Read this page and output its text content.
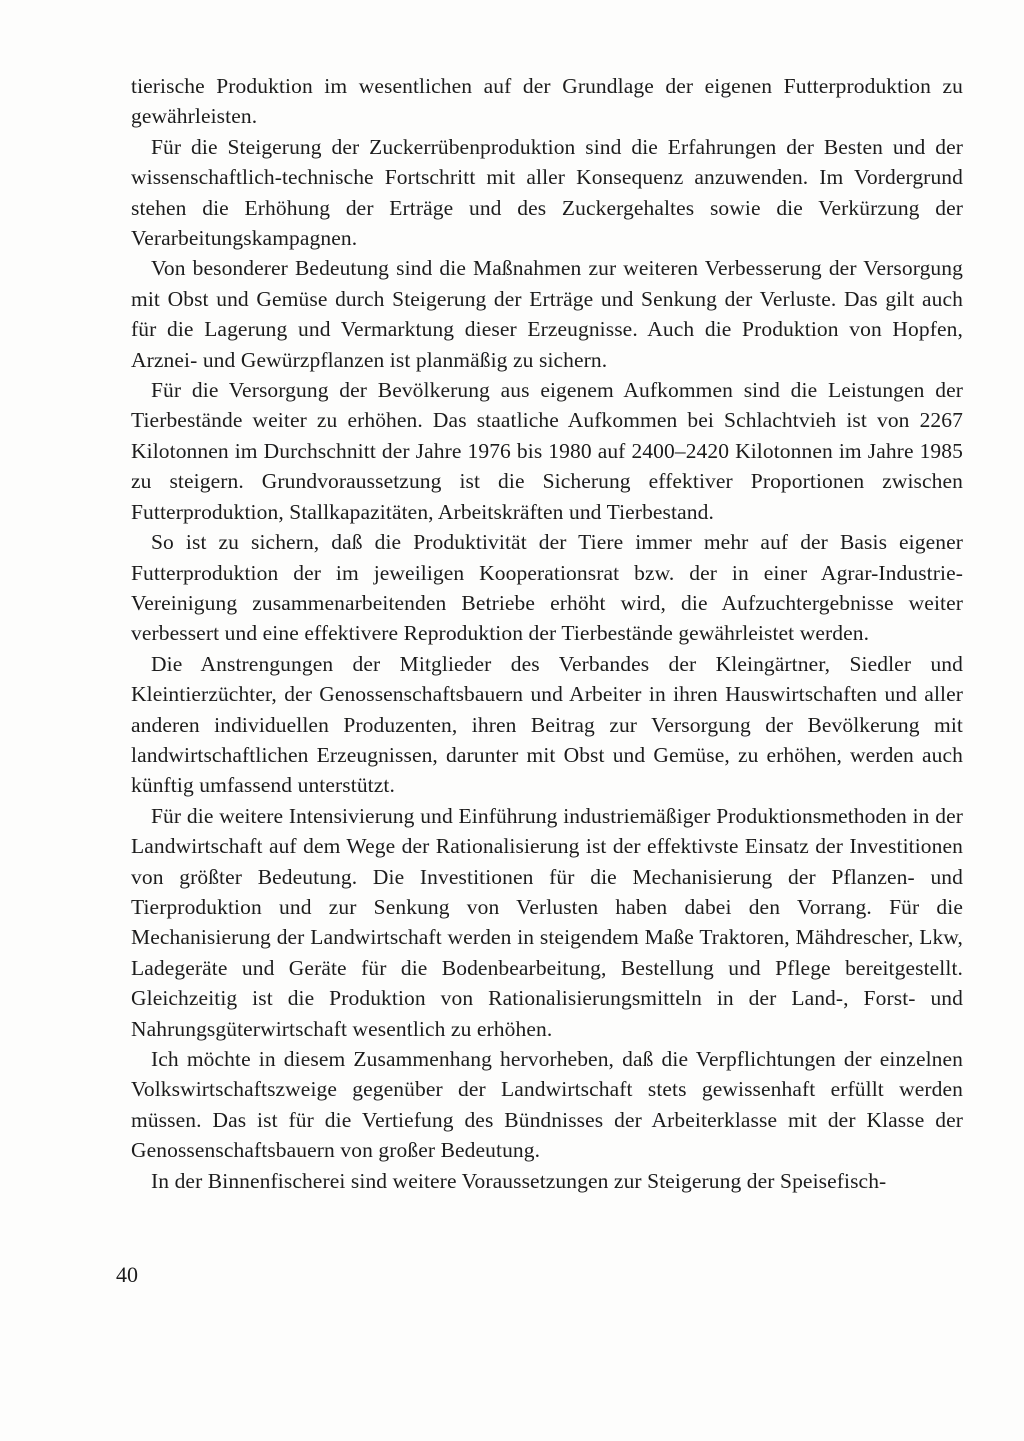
tierische Produktion im wesentlichen auf der Grundlage der eigenen Futterproduktion zu gewährleisten.

Für die Steigerung der Zuckerrübenproduktion sind die Erfahrungen der Besten und der wissenschaftlich-technische Fortschritt mit aller Konsequenz anzuwenden. Im Vordergrund stehen die Erhöhung der Erträge und des Zuckergehaltes sowie die Verkürzung der Verarbeitungskampagnen.

Von besonderer Bedeutung sind die Maßnahmen zur weiteren Verbesserung der Versorgung mit Obst und Gemüse durch Steigerung der Erträge und Senkung der Verluste. Das gilt auch für die Lagerung und Vermarktung dieser Erzeugnisse. Auch die Produktion von Hopfen, Arznei- und Gewürzpflanzen ist planmäßig zu sichern.

Für die Versorgung der Bevölkerung aus eigenem Aufkommen sind die Leistungen der Tierbestände weiter zu erhöhen. Das staatliche Aufkommen bei Schlachtvieh ist von 2267 Kilotonnen im Durchschnitt der Jahre 1976 bis 1980 auf 2400–2420 Kilotonnen im Jahre 1985 zu steigern. Grundvoraussetzung ist die Sicherung effektiver Proportionen zwischen Futterproduktion, Stallkapazitäten, Arbeitskräften und Tierbestand.

So ist zu sichern, daß die Produktivität der Tiere immer mehr auf der Basis eigener Futterproduktion der im jeweiligen Kooperationsrat bzw. der in einer Agrar-Industrie-Vereinigung zusammenarbeitenden Betriebe erhöht wird, die Aufzuchtergebnisse weiter verbessert und eine effektivere Reproduktion der Tierbestände gewährleistet werden.

Die Anstrengungen der Mitglieder des Verbandes der Kleingärtner, Siedler und Kleintierzüchter, der Genossenschaftsbauern und Arbeiter in ihren Hauswirtschaften und aller anderen individuellen Produzenten, ihren Beitrag zur Versorgung der Bevölkerung mit landwirtschaftlichen Erzeugnissen, darunter mit Obst und Gemüse, zu erhöhen, werden auch künftig umfassend unterstützt.

Für die weitere Intensivierung und Einführung industriemäßiger Produktionsmethoden in der Landwirtschaft auf dem Wege der Rationalisierung ist der effektivste Einsatz der Investitionen von größter Bedeutung. Die Investitionen für die Mechanisierung der Pflanzen- und Tierproduktion und zur Senkung von Verlusten haben dabei den Vorrang. Für die Mechanisierung der Landwirtschaft werden in steigendem Maße Traktoren, Mähdrescher, Lkw, Ladegeräte und Geräte für die Bodenbearbeitung, Bestellung und Pflege bereitgestellt. Gleichzeitig ist die Produktion von Rationalisierungsmitteln in der Land-, Forst- und Nahrungsgüterwirtschaft wesentlich zu erhöhen.

Ich möchte in diesem Zusammenhang hervorheben, daß die Verpflichtungen der einzelnen Volkswirtschaftszweige gegenüber der Landwirtschaft stets gewissenhaft erfüllt werden müssen. Das ist für die Vertiefung des Bündnisses der Arbeiterklasse mit der Klasse der Genossenschaftsbauern von großer Bedeutung.

In der Binnenfischerei sind weitere Voraussetzungen zur Steigerung der Speisefisch-

40
